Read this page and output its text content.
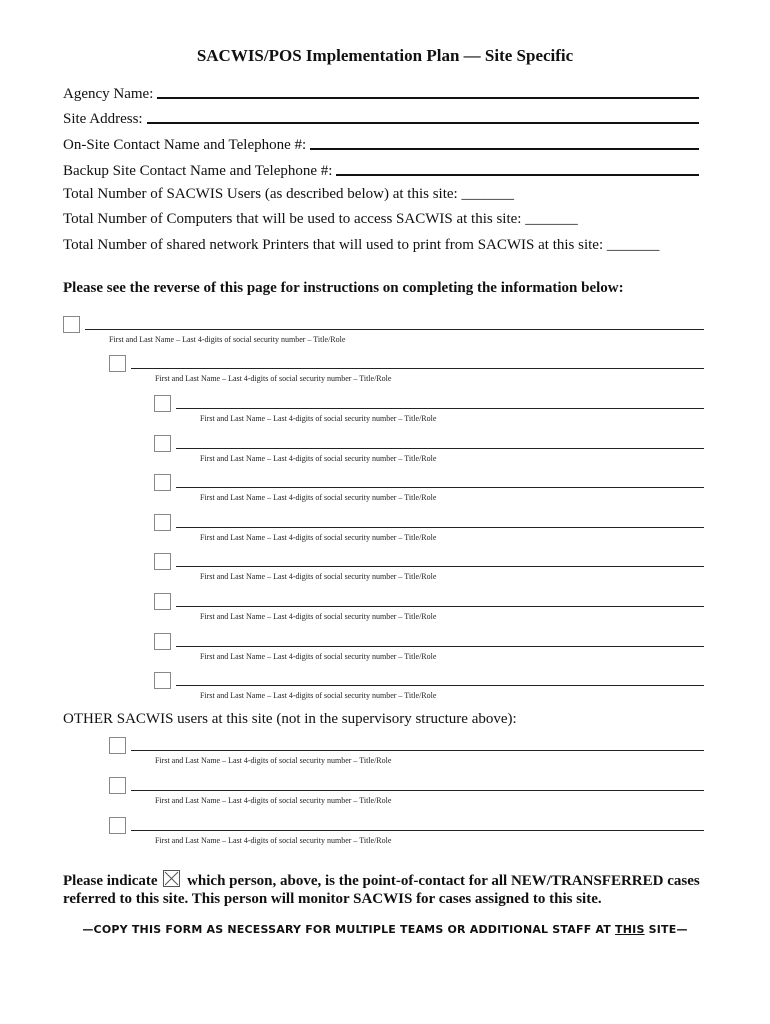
SACWIS/POS Implementation Plan — Site Specific
Agency Name:
Site Address:
On-Site Contact Name and Telephone #:
Backup Site Contact Name and Telephone #:
Total Number of SACWIS Users (as described below) at this site: _______
Total Number of Computers that will be used to access SACWIS at this site: _______
Total Number of shared network Printers that will used to print from SACWIS at this site: _______
Please see the reverse of this page for instructions on completing the information below:
First and Last Name – Last 4-digits of social security number – Title/Role
First and Last Name – Last 4-digits of social security number – Title/Role
First and Last Name – Last 4-digits of social security number – Title/Role
First and Last Name – Last 4-digits of social security number – Title/Role
First and Last Name – Last 4-digits of social security number – Title/Role
First and Last Name – Last 4-digits of social security number – Title/Role
First and Last Name – Last 4-digits of social security number – Title/Role
First and Last Name – Last 4-digits of social security number – Title/Role
First and Last Name – Last 4-digits of social security number – Title/Role
First and Last Name – Last 4-digits of social security number – Title/Role
OTHER SACWIS users at this site (not in the supervisory structure above):
First and Last Name – Last 4-digits of social security number – Title/Role
First and Last Name – Last 4-digits of social security number – Title/Role
First and Last Name – Last 4-digits of social security number – Title/Role
Please indicate which person, above, is the point-of-contact for all NEW/TRANSFERRED cases referred to this site. This person will monitor SACWIS for cases assigned to this site.
—COPY THIS FORM AS NECESSARY FOR MULTIPLE TEAMS OR ADDITIONAL STAFF AT THIS SITE—
